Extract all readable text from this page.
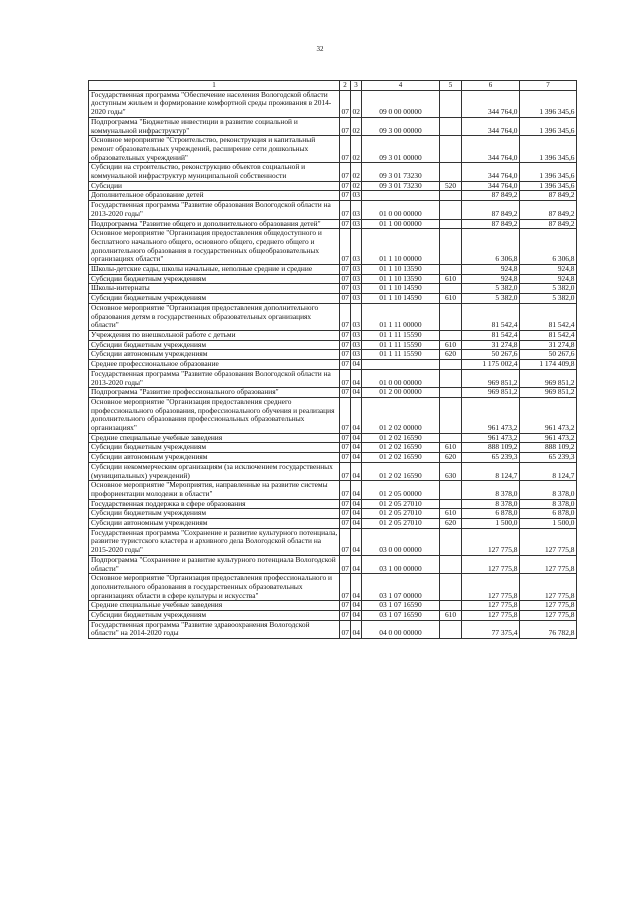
32
1	2	3	4	5	6	7
Государственная программа "Обеспечение населения Вологодской области доступным жильем и формирование комфортной среды проживания в 2014-2020 годы"	07	02	09 0 00 00000		344 764,0	1 396 345,6
Подпрограмма "Бюджетные инвестиции в развитие социальной и коммунальной инфраструктур"	07	02	09 3 00 00000		344 764,0	1 396 345,6
Основное мероприятие "Строительство, реконструкция и капитальный ремонт образовательных учреждений, расширение сети дошкольных образовательных учреждений"	07	02	09 3 01 00000		344 764,0	1 396 345,6
Субсидии на строительство, реконструкцию объектов социальной и коммунальной инфраструктур муниципальной собственности	07	02	09 3 01 73230		344 764,0	1 396 345,6
Субсидии	07	02	09 3 01 73230	520	344 764,0	1 396 345,6
Дополнительное образование детей	07	03			87 849,2	87 849,2
Государственная программа "Развитие образования Вологодской области на 2013-2020 годы"	07	03	01 0 00 00000		87 849,2	87 849,2
Подпрограмма "Развитие общего и дополнительного образования детей"	07	03	01 1 00 00000		87 849,2	87 849,2
Основное мероприятие "Организация предоставления общедоступного и бесплатного начального общего, основного общего, среднего общего и дополнительного образования в государственных общеобразовательных организациях области"	07	03	01 1 10 00000		6 306,8	6 306,8
Школы-детские сады, школы начальные, неполные средние и средние	07	03	01 1 10 13590		924,8	924,8
Субсидии бюджетным учреждениям	07	03	01 1 10 13590	610	924,8	924,8
Школы-интернаты	07	03	01 1 10 14590		5 382,0	5 382,0
Субсидии бюджетным учреждениям	07	03	01 1 10 14590	610	5 382,0	5 382,0
Основное мероприятие "Организация предоставления дополнительного образования детям в государственных образовательных организациях области"	07	03	01 1 11 00000		81 542,4	81 542,4
Учреждения по внешкольной работе с детьми	07	03	01 1 11 15590		81 542,4	81 542,4
Субсидии бюджетным учреждениям	07	03	01 1 11 15590	610	31 274,8	31 274,8
Субсидии автономным учреждениям	07	03	01 1 11 15590	620	50 267,6	50 267,6
Среднее профессиональное образование	07	04			1 175 002,4	1 174 409,8
Государственная программа "Развитие образования Вологодской области на 2013-2020 годы"	07	04	01 0 00 00000		969 851,2	969 851,2
Подпрограмма "Развитие профессионального образования"	07	04	01 2 00 00000		969 851,2	969 851,2
Основное мероприятие "Организация предоставления среднего профессионального образования, профессионального обучения и реализация дополнительного образования профессиональных образовательных организациях"	07	04	01 2 02 00000		961 473,2	961 473,2
Средние специальные учебные заведения	07	04	01 2 02 16590		961 473,2	961 473,2
Субсидии бюджетным учреждениям	07	04	01 2 02 16590	610	888 109,2	888 109,2
Субсидии автономным учреждениям	07	04	01 2 02 16590	620	65 239,3	65 239,3
Субсидии некоммерческим организациям (за исключением государственных (муниципальных) учреждений)	07	04	01 2 02 16590	630	8 124,7	8 124,7
Основное мероприятие "Мероприятия, направленные на развитие системы профориентации молодежи в области"	07	04	01 2 05 00000		8 378,0	8 378,0
Государственная поддержка в сфере образования	07	04	01 2 05 27010		8 378,0	8 378,0
Субсидии бюджетным учреждениям	07	04	01 2 05 27010	610	6 878,0	6 878,0
Субсидии автономным учреждениям	07	04	01 2 05 27010	620	1 500,0	1 500,0
Государственная программа "Сохранение и развитие культурного потенциала, развитие туристского кластера и архивного дела Вологодской области на 2015-2020 годы"	07	04	03 0 00 00000		127 775,8	127 775,8
Подпрограмма "Сохранение и развитие культурного потенциала Вологодской области"	07	04	03 1 00 00000		127 775,8	127 775,8
Основное мероприятие "Организация предоставления профессионального и дополнительного образования в государственных образовательных организациях области в сфере культуры и искусства"	07	04	03 1 07 00000		127 775,8	127 775,8
Средние специальные учебные заведения	07	04	03 1 07 16590		127 775,8	127 775,8
Субсидии бюджетным учреждениям	07	04	03 1 07 16590	610	127 775,8	127 775,8
Государственная программа "Развитие здравоохранения Вологодской области" на 2014-2020 годы	07	04	04 0 00 00000		77 375,4	76 782,8
